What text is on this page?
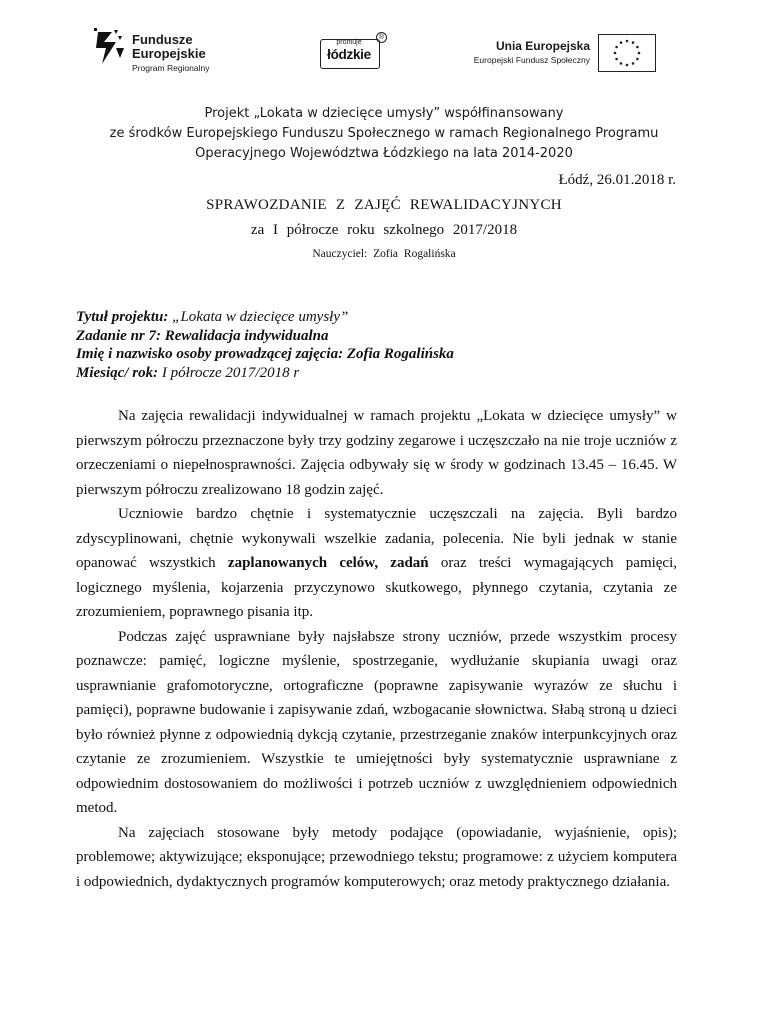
Fundusze
Europejskie
Program Regionalny
promuje
łódzkie
®
Unia Europejska
Europejski Fundusz Społeczny
Projekt „Lokata w dziecięce umysły” współfinansowany
ze środków Europejskiego Funduszu Społecznego w ramach Regionalnego Programu
Operacyjnego Województwa Łódzkiego na lata 2014-2020
Łódź, 26.01.2018 r.
SPRAWOZDANIE Z ZAJĘĆ REWALIDACYJNYCH
za I półrocze roku szkolnego 2017/2018
Nauczyciel: Zofia Rogalińska
Tytuł projektu: „Lokata w dziecięce umysły”
Zadanie nr 7: Rewalidacja indywidualna
Imię i nazwisko osoby prowadzącej zajęcia: Zofia Rogalińska
Miesiąc/ rok: I półrocze 2017/2018 r

Na zajęcia rewalidacji indywidualnej w ramach projektu „Lokata w dziecięce umysły” w pierwszym półroczu przeznaczone były trzy godziny zegarowe i uczęszczało na nie troje uczniów z orzeczeniami o niepełnosprawności. Zajęcia odbywały się w środy w godzinach 13.45 – 16.45. W pierwszym półroczu zrealizowano 18 godzin zajęć.

Uczniowie bardzo chętnie i systematycznie uczęszczali na zajęcia. Byli bardzo zdyscyplinowani, chętnie wykonywali wszelkie zadania, polecenia. Nie byli jednak w stanie opanować wszystkich zaplanowanych celów, zadań oraz treści wymagających pamięci, logicznego myślenia, kojarzenia przyczynowo skutkowego, płynnego czytania, czytania ze zrozumieniem, poprawnego pisania itp.

Podczas zajęć usprawniane były najsłabsze strony uczniów, przede wszystkim procesy poznawcze: pamięć, logiczne myślenie, spostrzeganie, wydłużanie skupiania uwagi oraz usprawnianie grafomotoryczne, ortograficzne (poprawne zapisywanie wyrazów ze słuchu i pamięci), poprawne budowanie i zapisywanie zdań, wzbogacanie słownictwa. Słabą stroną u dzieci było również płynne z odpowiednią dykcją czytanie, przestrzeganie znaków interpunkcyjnych oraz czytanie ze zrozumieniem. Wszystkie te umiejętności były systematycznie usprawniane z odpowiednim dostosowaniem do możliwości i potrzeb uczniów z uwzględnieniem odpowiednich metod.

Na zajęciach stosowane były metody podające (opowiadanie, wyjaśnienie, opis); problemowe; aktywizujące; eksponujące; przewodniego tekstu; programowe: z użyciem komputera i odpowiednich, dydaktycznych programów komputerowych; oraz metody praktycznego działania.
